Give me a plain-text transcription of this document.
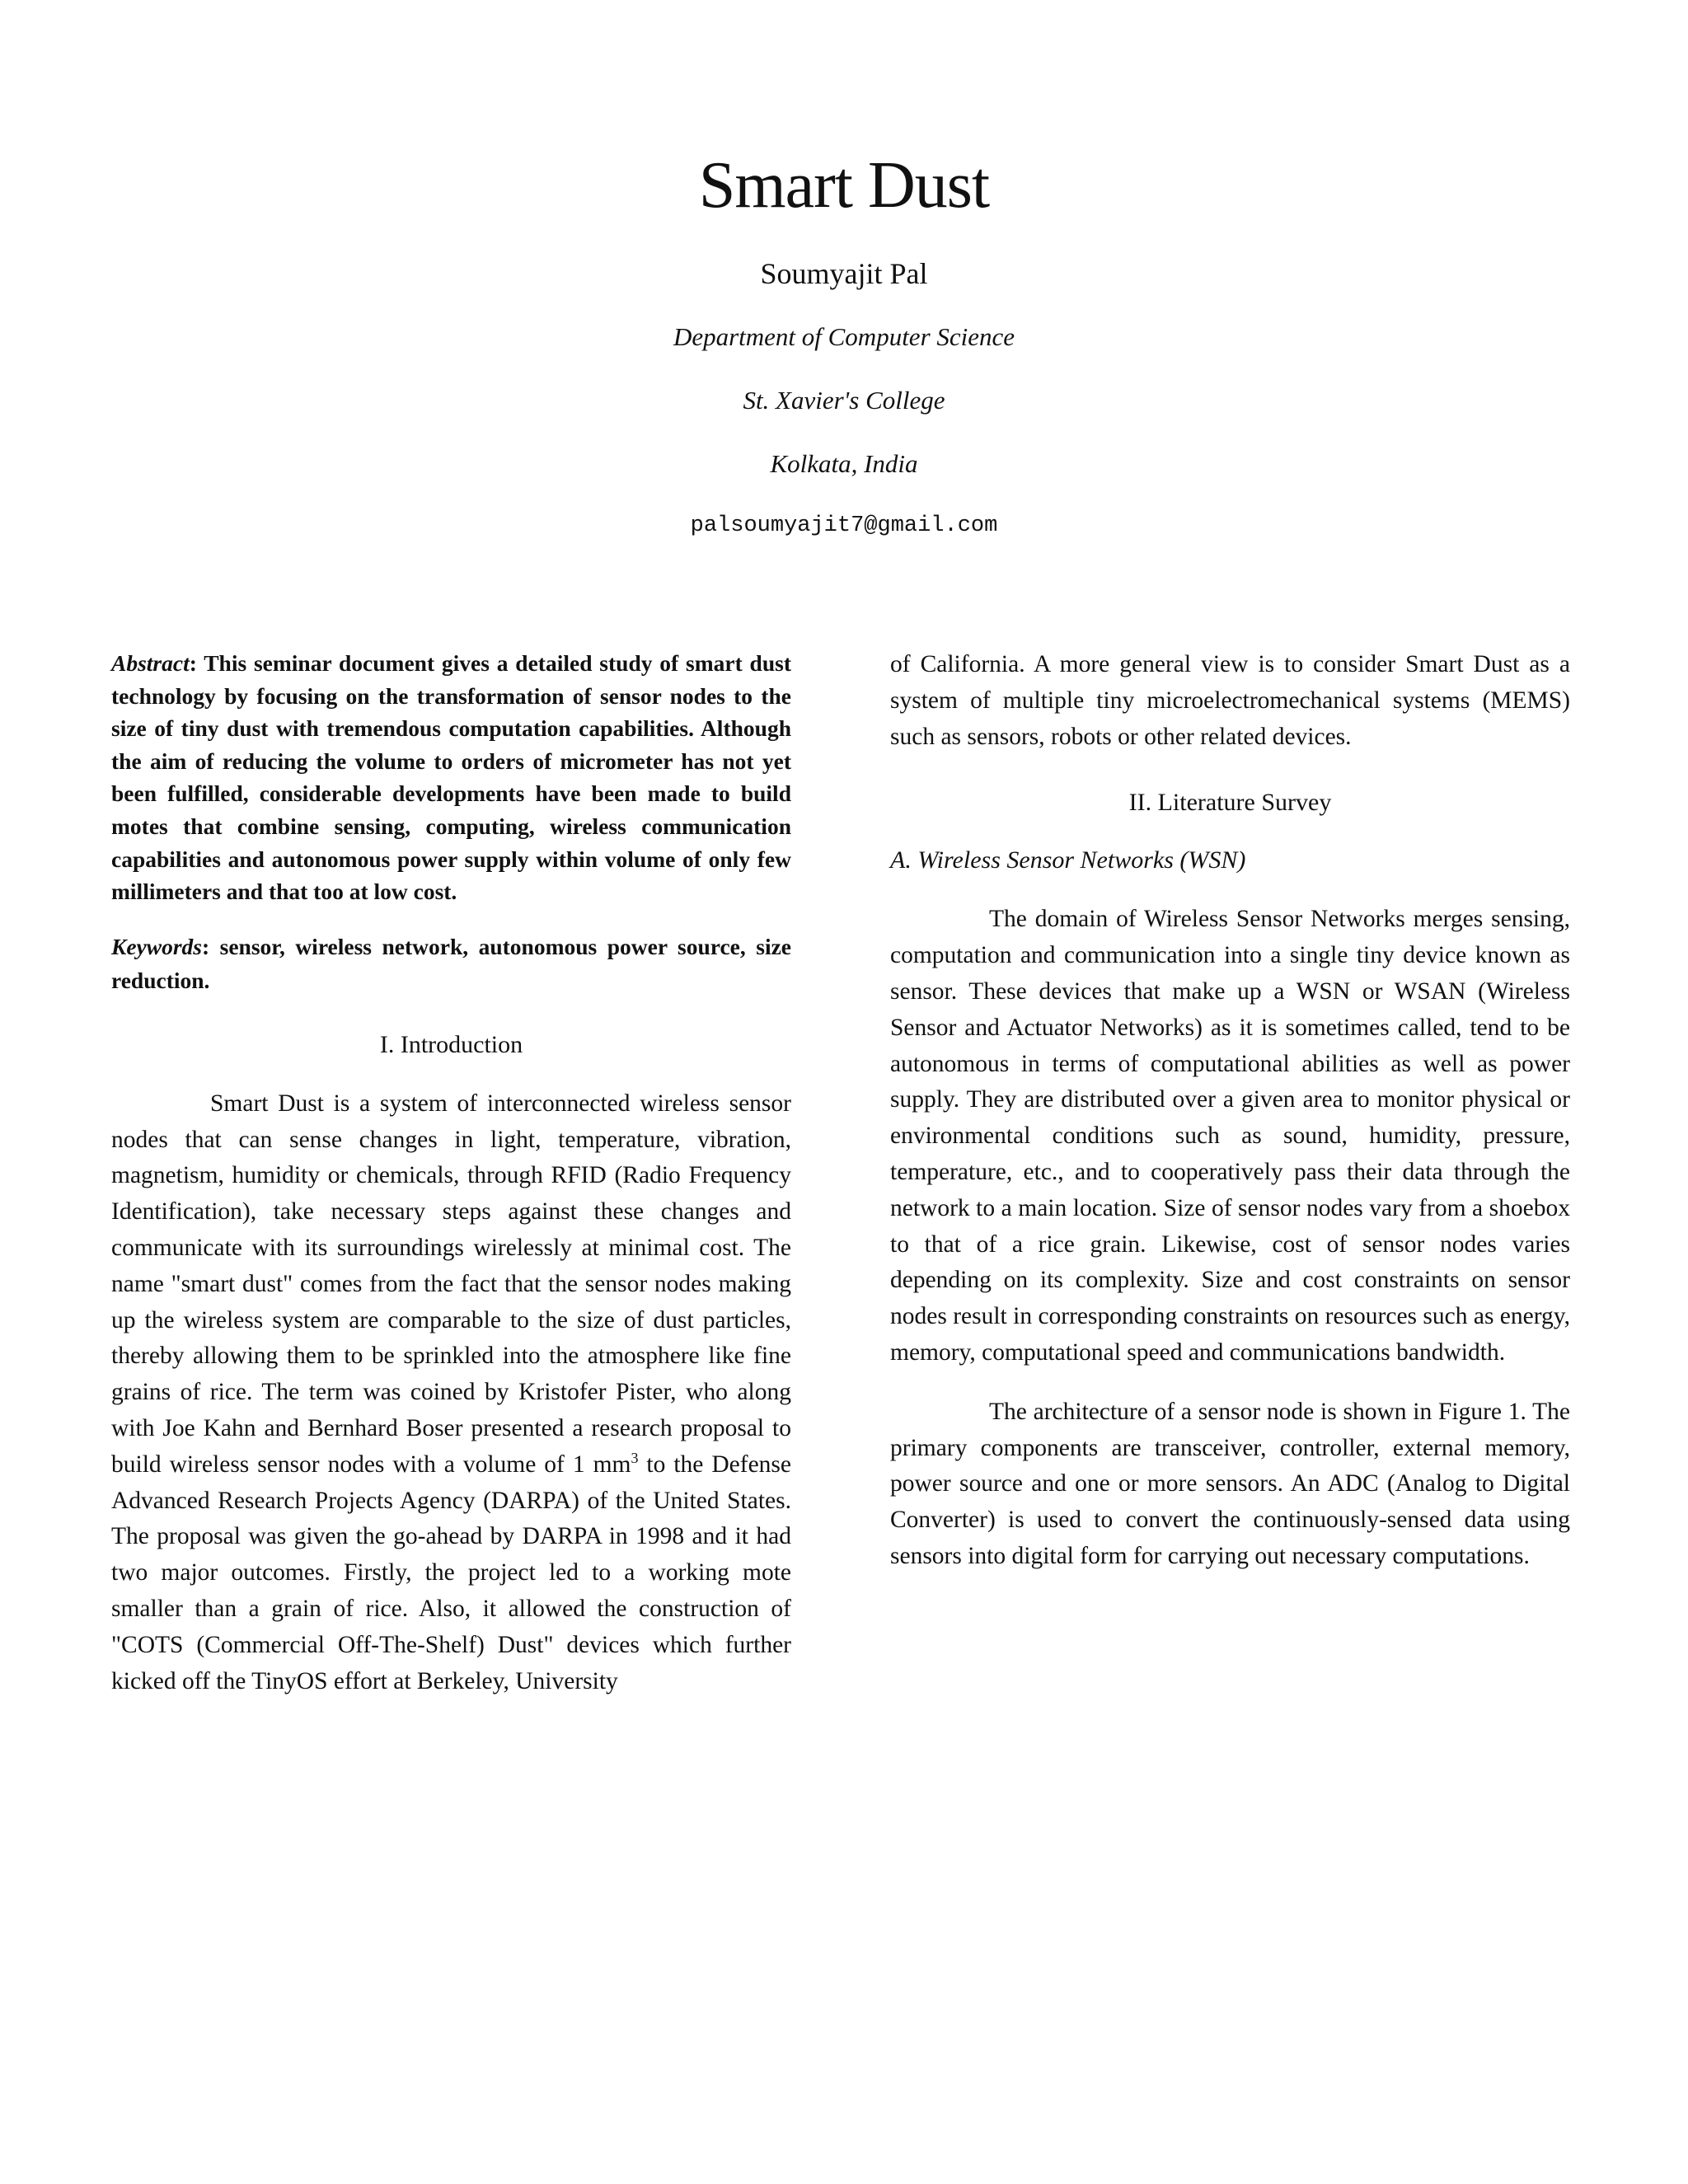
Smart Dust
Soumyajit Pal
Department of Computer Science
St. Xavier's College
Kolkata, India
palsoumyajit7@gmail.com

Abstract: This seminar document gives a detailed study of smart dust technology by focusing on the transformation of sensor nodes to the size of tiny dust with tremendous computation capabilities. Although the aim of reducing the volume to orders of micrometer has not yet been fulfilled, considerable developments have been made to build motes that combine sensing, computing, wireless communication capabilities and autonomous power supply within volume of only few millimeters and that too at low cost.

Keywords: sensor, wireless network, autonomous power source, size reduction.

I. Introduction

Smart Dust is a system of interconnected wireless sensor nodes that can sense changes in light, temperature, vibration, magnetism, humidity or chemicals, through RFID (Radio Frequency Identification), take necessary steps against these changes and communicate with its surroundings wirelessly at minimal cost. The name "smart dust" comes from the fact that the sensor nodes making up the wireless system are comparable to the size of dust particles, thereby allowing them to be sprinkled into the atmosphere like fine grains of rice. The term was coined by Kristofer Pister, who along with Joe Kahn and Bernhard Boser presented a research proposal to build wireless sensor nodes with a volume of 1 $mm^3$ to the Defense Advanced Research Projects Agency (DARPA) of the United States. The proposal was given the go-ahead by DARPA in 1998 and it had two major outcomes. Firstly, the project led to a working mote smaller than a grain of rice. Also, it allowed the construction of "COTS (Commercial Off-The-Shelf) Dust" devices which further kicked off the TinyOS effort at Berkeley, University

of California. A more general view is to consider Smart Dust as a system of multiple tiny microelectromechanical systems (MEMS) such as sensors, robots or other related devices.

II. Literature Survey
A. Wireless Sensor Networks (WSN)

The domain of Wireless Sensor Networks merges sensing, computation and communication into a single tiny device known as sensor. These devices that make up a WSN or WSAN (Wireless Sensor and Actuator Networks) as it is sometimes called, tend to be autonomous in terms of computational abilities as well as power supply. They are distributed over a given area to monitor physical or environmental conditions such as sound, humidity, pressure, temperature, etc., and to cooperatively pass their data through the network to a main location. Size of sensor nodes vary from a shoebox to that of a rice grain. Likewise, cost of sensor nodes varies depending on its complexity. Size and cost constraints on sensor nodes result in corresponding constraints on resources such as energy, memory, computational speed and communications bandwidth.

The architecture of a sensor node is shown in Figure 1. The primary components are transceiver, controller, external memory, power source and one or more sensors. An ADC (Analog to Digital Converter) is used to convert the continuously-sensed data using sensors into digital form for carrying out necessary computations.
